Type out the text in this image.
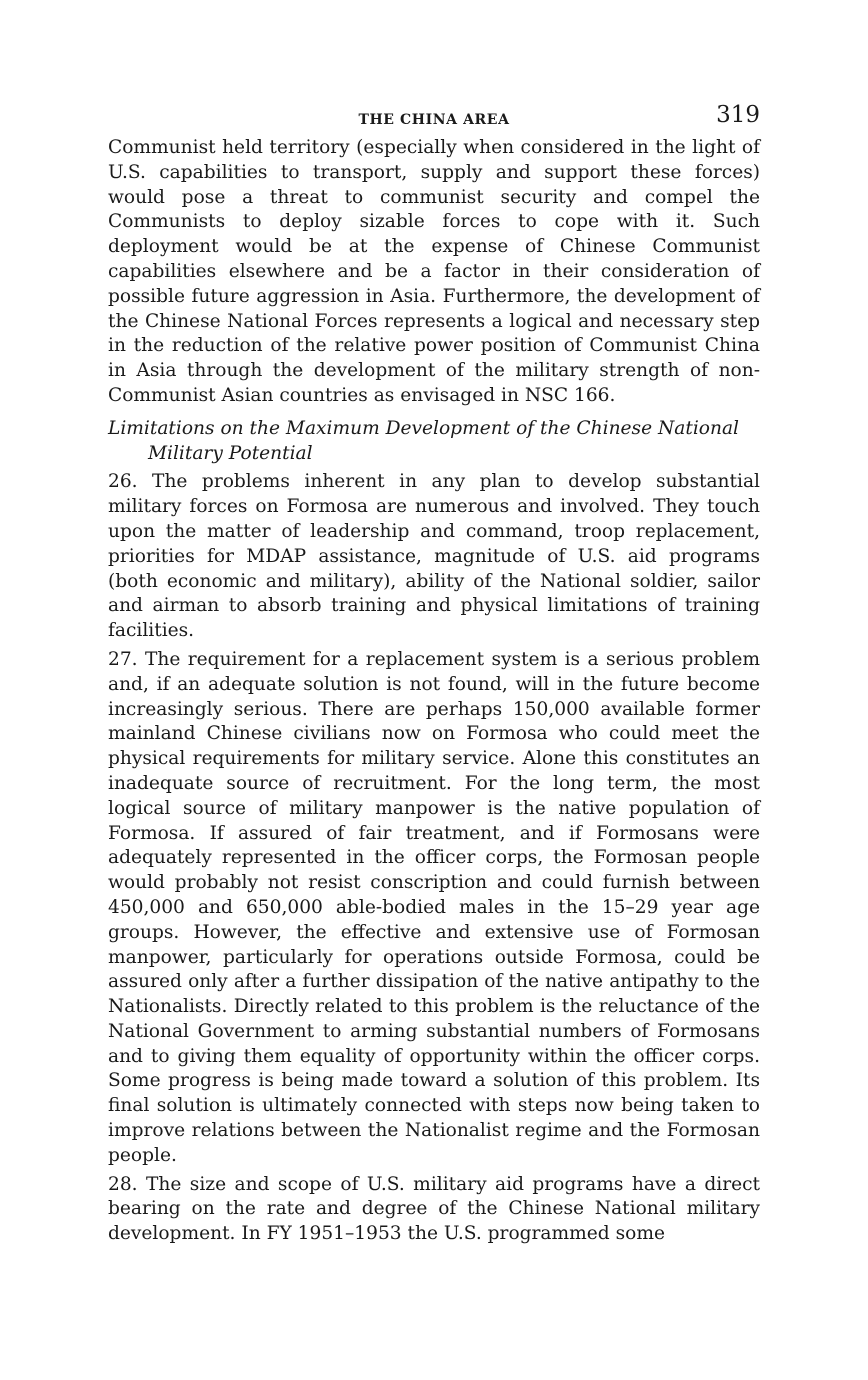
THE CHINA AREA	319

Communist held territory (especially when considered in the light of U.S. capabilities to transport, supply and support these forces) would pose a threat to communist security and compel the Communists to deploy sizable forces to cope with it. Such deployment would be at the expense of Chinese Communist capabilities elsewhere and be a factor in their consideration of possible future aggression in Asia. Furthermore, the development of the Chinese National Forces represents a logical and necessary step in the reduction of the relative power position of Communist China in Asia through the development of the military strength of non-Communist Asian countries as envisaged in NSC 166.

Limitations on the Maximum Development of the Chinese National Military Potential

26. The problems inherent in any plan to develop substantial military forces on Formosa are numerous and involved. They touch upon the matter of leadership and command, troop replacement, priorities for MDAP assistance, magnitude of U.S. aid programs (both economic and military), ability of the National soldier, sailor and airman to absorb training and physical limitations of training facilities.

27. The requirement for a replacement system is a serious problem and, if an adequate solution is not found, will in the future become increasingly serious. There are perhaps 150,000 available former mainland Chinese civilians now on Formosa who could meet the physical requirements for military service. Alone this constitutes an inadequate source of recruitment. For the long term, the most logical source of military manpower is the native population of Formosa. If assured of fair treatment, and if Formosans were adequately represented in the officer corps, the Formosan people would probably not resist conscription and could furnish between 450,000 and 650,000 able-bodied males in the 15–29 year age groups. However, the effective and extensive use of Formosan manpower, particularly for operations outside Formosa, could be assured only after a further dissipation of the native antipathy to the Nationalists. Directly related to this problem is the reluctance of the National Government to arming substantial numbers of Formosans and to giving them equality of opportunity within the officer corps. Some progress is being made toward a solution of this problem. Its final solution is ultimately connected with steps now being taken to improve relations between the Nationalist regime and the Formosan people.

28. The size and scope of U.S. military aid programs have a direct bearing on the rate and degree of the Chinese National military development. In FY 1951–1953 the U.S. programmed some
